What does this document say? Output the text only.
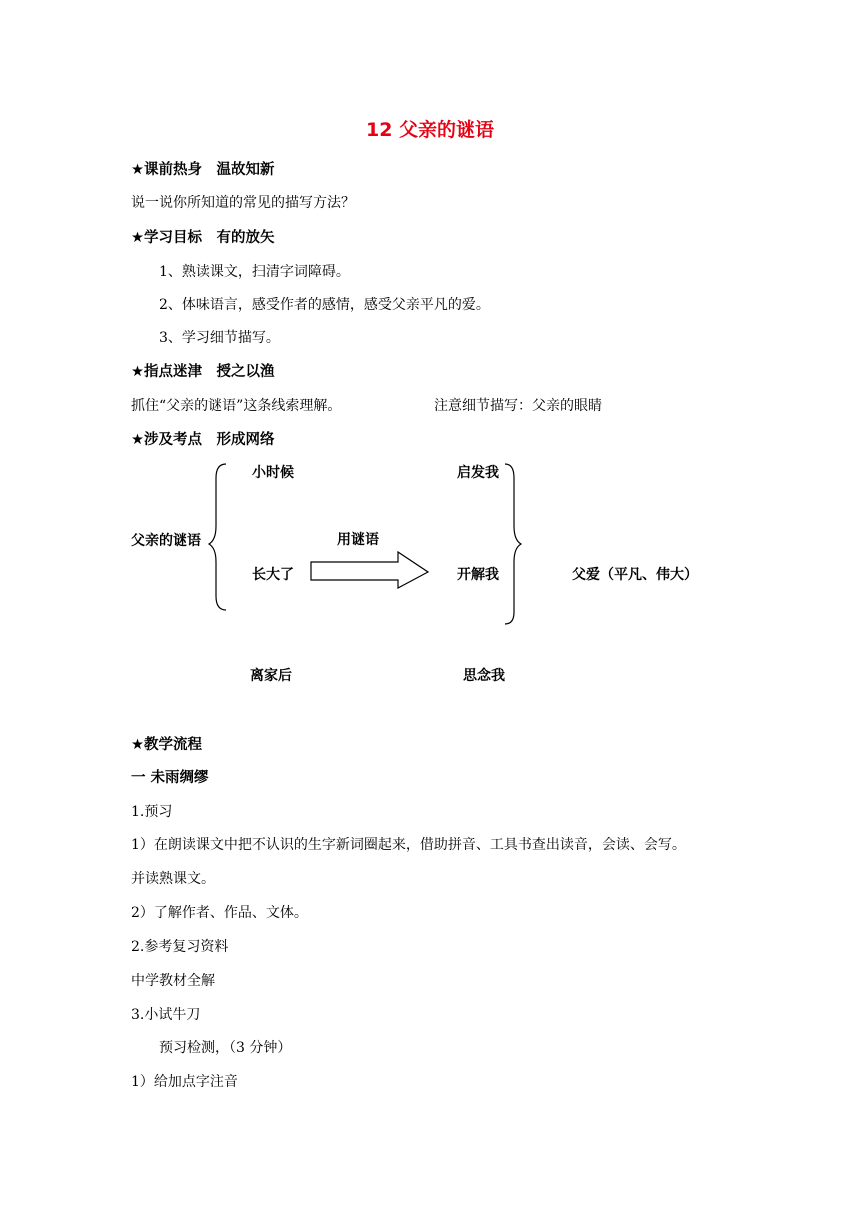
12 父亲的谜语
★课前热身　温故知新
说一说你所知道的常见的描写方法？
★学习目标　有的放矢
1、熟读课文，扫清字词障碍。
2、体味语言，感受作者的感情，感受父亲平凡的爱。
3、学习细节描写。
★指点迷津　授之以渔
抓住“父亲的谜语”这条线索理解。	注意细节描写：父亲的眼睛
★涉及考点　形成网络
小时候	启发我
父亲的谜语	用谜语
长大了	开解我	父爱（平凡、伟大）
离家后	思念我
★教学流程
一 未雨绸缪
1.预习
1）在朗读课文中把不认识的生字新词圈起来，借助拼音、工具书查出读音，会读、会写。
并读熟课文。
2）了解作者、作品、文体。
2.参考复习资料
中学教材全解
3.小试牛刀
预习检测，（3 分钟）
1）给加点字注音
